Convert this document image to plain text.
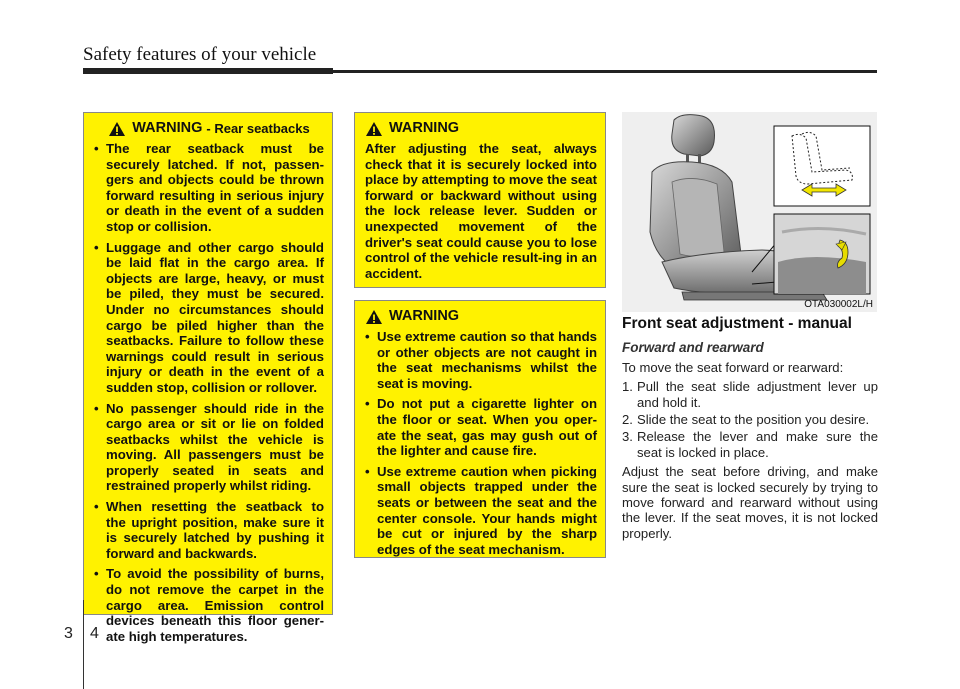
Safety features of your vehicle
WARNING
- Rear seatbacks
• The rear seatback must be securely latched. If not, passen-gers and objects could be thrown forward resulting in serious injury or death in the event of a sudden stop or collision.
• Luggage and other cargo should be laid flat in the cargo area. If objects are large, heavy, or must be piled, they must be secured. Under no circumstances should cargo be piled higher than the seatbacks. Failure to follow these warnings could result in serious injury or death in the event of a sudden stop, collision or rollover.
• No passenger should ride in the cargo area or sit or lie on folded seatbacks whilst the vehicle is moving. All passengers must be properly seated in seats and restrained properly whilst riding.
• When resetting the seatback to the upright position, make sure it is securely latched by pushing it forward and backwards.
• To avoid the possibility of burns, do not remove the carpet in the cargo area. Emission control devices beneath this floor gener-ate high temperatures.
WARNING
After adjusting the seat, always check that it is securely locked into place by attempting to move the seat forward or backward without using the lock release lever. Sudden or unexpected movement of the driver's seat could cause you to lose control of the vehicle result-ing in an accident.
WARNING
• Use extreme caution so that hands or other objects are not caught in the seat mechanisms whilst the seat is moving.
• Do not put a cigarette lighter on the floor or seat. When you oper-ate the seat, gas may gush out of the lighter and cause fire.
• Use extreme caution when picking small objects trapped under the seats or between the seat and the center console. Your hands might be cut or injured by the sharp edges of the seat mechanism.
OTA030002L/H
Front seat adjustment - manual
Forward and rearward

To move the seat forward or rearward:

1. Pull the seat slide adjustment lever up and hold it.
2. Slide the seat to the position you desire.
3. Release the lever and make sure the seat is locked in place.

Adjust the seat before driving, and make sure the seat is locked securely by trying to move forward and rearward without using the lever. If the seat moves, it is not locked properly.

3 4
